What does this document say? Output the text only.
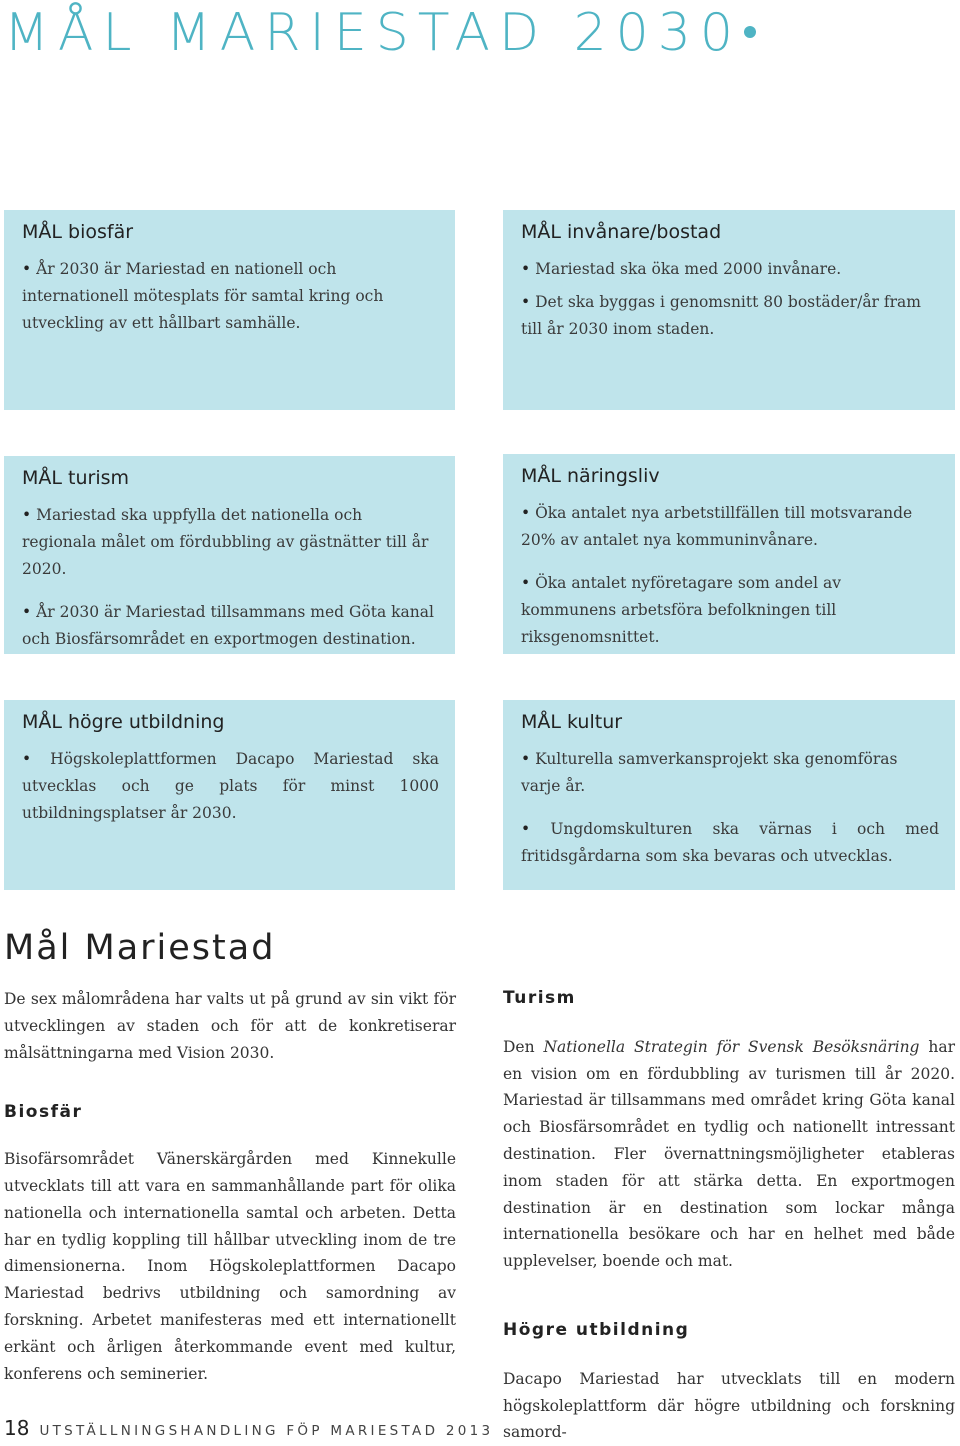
MÅL MARIESTAD 2030
MÅL biosfär

• År 2030 är Mariestad en nationell och internationell mötesplats för samtal kring och utveckling av ett hållbart samhälle.

MÅL invånare/bostad

• Mariestad ska öka med 2000 invånare.

• Det ska byggas i genomsnitt 80 bostäder/år fram till år 2030 inom staden.

MÅL turism

• Mariestad ska uppfylla det nationella och regionala målet om fördubbling av gästnätter till år 2020.

• År 2030 är Mariestad tillsammans med Göta kanal och Biosfärsområdet en exportmogen destination.

MÅL näringsliv

• Öka antalet nya arbetstillfällen till motsvarande 20% av antalet nya kommuninvånare.

• Öka antalet nyföretagare som andel av kommunens arbetsföra befolkningen till riksgenomsnittet.

MÅL högre utbildning

• Högskoleplattformen Dacapo Mariestad ska utvecklas och ge plats för minst 1000 utbildningsplatser år 2030.

MÅL kultur

• Kulturella samverkansprojekt ska genomföras varje år.

• Ungdomskulturen ska värnas i och med fritidsgårdarna som ska bevaras och utvecklas.

Mål Mariestad

De sex målområdena har valts ut på grund av sin vikt för utvecklingen av staden och för att de konkretiserar målsättningarna med Vision 2030.

Biosfär

Bisofärsområdet Vänerskärgården med Kinnekulle utvecklats till att vara en sammanhållande part för olika nationella och internationella samtal och arbeten. Detta har en tydlig koppling till hållbar utveckling inom de tre dimensionerna. Inom Högskoleplattformen Dacapo Mariestad bedrivs utbildning och samordning av forskning. Arbetet manifesteras med ett internationellt erkänt och årligen återkommande event med kultur, konferens och seminerier.

Turism

Den Nationella Strategin för Svensk Besöksnäring har en vision om en fördubbling av turismen till år 2020. Mariestad är tillsammans med området kring Göta kanal och Biosfärsområdet en tydlig och nationellt intressant destination. Fler övernattningsmöjligheter etableras inom staden för att stärka detta. En exportmogen destination är en destination som lockar många internationella besökare och har en helhet med både upplevelser, boende och mat.

Högre utbildning

Dacapo Mariestad har utvecklats till en modern högskoleplattform där högre utbildning och forskning samord-

18 UTSTÄLLNINGSHANDLING FÖP MARIESTAD 2013
